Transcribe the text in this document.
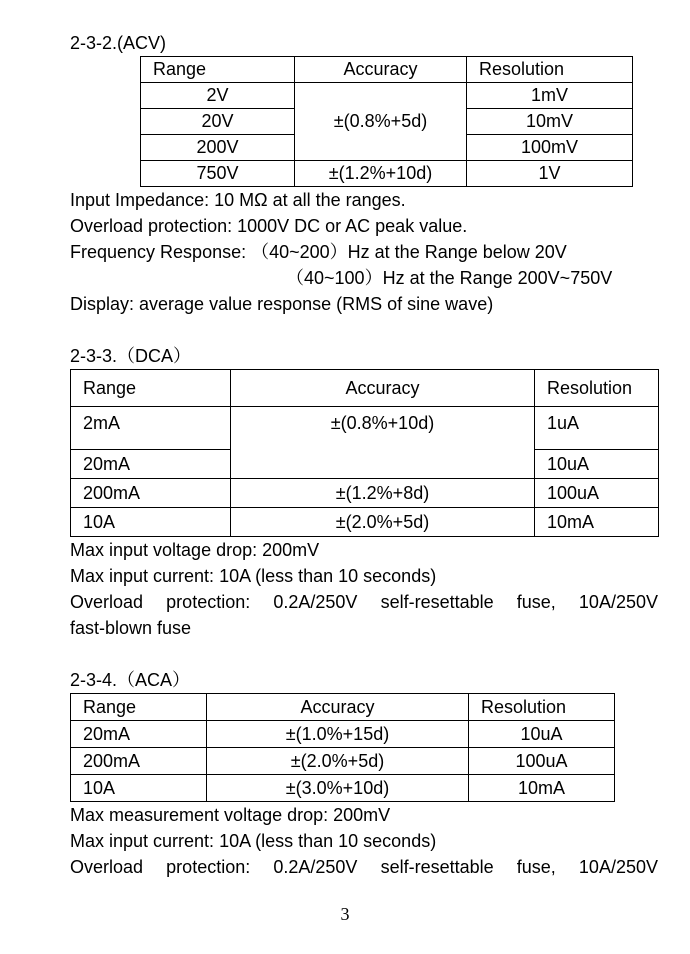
2-3-2.(ACV)
Range	Accuracy	Resolution
2V	±(0.8%+5d)	1mV
20V		10mV
200V		100mV
750V	±(1.2%+10d)	1V
Input Impedance: 10 MΩ at all the ranges.
Overload protection: 1000V DC or AC peak value.
Frequency Response: （40~200）Hz at the Range below 20V
（40~100）Hz at the Range 200V~750V
Display: average value response (RMS of sine wave)
2-3-3.（DCA）
Range	Accuracy	Resolution
2mA	±(0.8%+10d)	1uA
20mA		10uA
200mA	±(1.2%+8d)	100uA
10A	±(2.0%+5d)	10mA
Max input voltage drop: 200mV
Max input current: 10A (less than 10 seconds)
Overload protection: 0.2A/250V self-resettable fuse, 10A/250V
fast-blown fuse
2-3-4.（ACA）
Range	Accuracy	Resolution
20mA	±(1.0%+15d)	10uA
200mA	±(2.0%+5d)	100uA
10A	±(3.0%+10d)	10mA
Max measurement voltage drop: 200mV
Max input current: 10A (less than 10 seconds)
Overload protection: 0.2A/250V self-resettable fuse, 10A/250V
3
